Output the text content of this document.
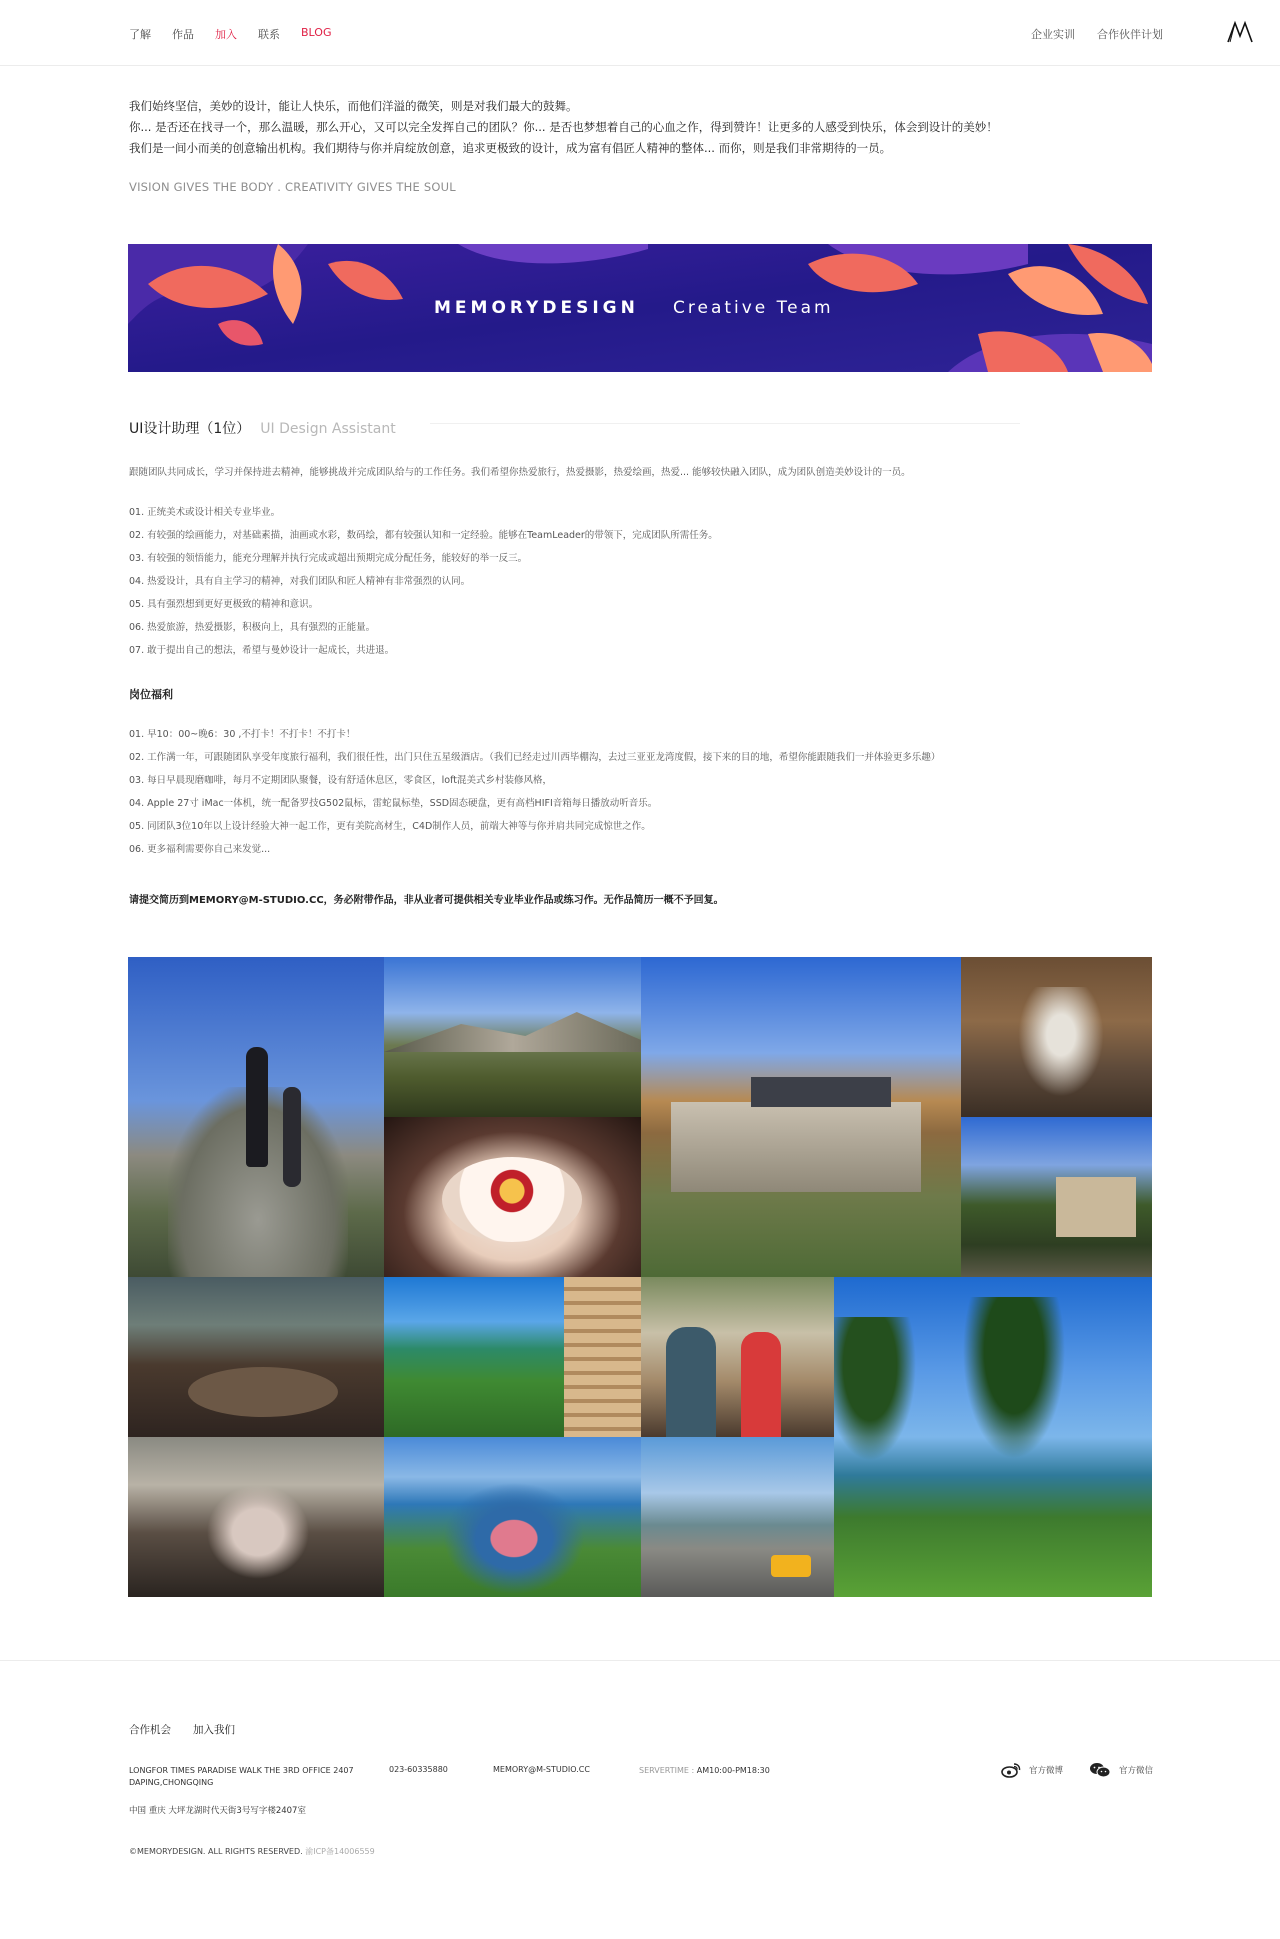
了解 作品 加入 联系 BLOG	企业实训 合作伙伴计划

我们始终坚信，美妙的设计，能让人快乐，而他们洋溢的微笑，则是对我们最大的鼓舞。

你... 是否还在找寻一个，那么温暖，那么开心，又可以完全发挥自己的团队？你... 是否也梦想着自己的心血之作，得到赞许！让更多的人感受到快乐，体会到设计的美妙！

我们是一间小而美的创意输出机构。我们期待与你并肩绽放创意，追求更极致的设计，成为富有倡匠人精神的整体... 而你，则是我们非常期待的一员。

VISION GIVES THE BODY . CREATIVITY GIVES THE SOUL
MEMORYDESIGN Creative Team
UI设计助理（1位） UI Design Assistant
跟随团队共同成长，学习并保持进去精神，能够挑战并完成团队给与的工作任务。我们希望你热爱旅行，热爱摄影，热爱绘画，热爱... 能够较快融入团队，成为团队创造美妙设计的一员。
01. 正统美术或设计相关专业毕业。
02. 有较强的绘画能力，对基础素描，油画或水彩，数码绘，都有较强认知和一定经验。能够在TeamLeader的带领下，完成团队所需任务。
03. 有较强的领悟能力，能充分理解并执行完成或超出预期完成分配任务，能较好的举一反三。
04. 热爱设计，具有自主学习的精神，对我们团队和匠人精神有非常强烈的认同。
05. 具有强烈想到更好更极致的精神和意识。
06. 热爱旅游，热爱摄影，积极向上，具有强烈的正能量。
07. 敢于提出自己的想法，希望与曼妙设计一起成长，共进退。
岗位福利
01. 早10：00~晚6：30 ,不打卡！不打卡！不打卡！
02. 工作满一年，可跟随团队享受年度旅行福利，我们很任性，出门只住五星级酒店。（我们已经走过川西毕棚沟，去过三亚亚龙湾度假，接下来的目的地，希望你能跟随我们一并体验更多乐趣）
03. 每日早晨现磨咖啡，每月不定期团队聚餐，设有舒适休息区，零食区，loft混美式乡村装修风格，
04. Apple 27寸 iMac一体机，统一配备罗技G502鼠标，雷蛇鼠标垫，SSD固态硬盘，更有高档HIFI音箱每日播放动听音乐。
05. 同团队3位10年以上设计经验大神一起工作，更有美院高材生，C4D制作人员，前端大神等与你并肩共同完成惊世之作。
06. 更多福利需要你自己来发觉...
请提交简历到MEMORY@M-STUDIO.CC，务必附带作品，非从业者可提供相关专业毕业作品或练习作。无作品简历一概不予回复。
合作机会 加入我们
LONGFOR TIMES PARADISE WALK THE 3RD OFFICE 2407 DAPING,CHONGQING
023-60335880	MEMORY@M-STUDIO.CC	SERVERTIME : AM10:00-PM18:30
中国 重庆 大坪龙湖时代天街3号写字楼2407室
©MEMORYDESIGN. ALL RIGHTS RESERVED. 渝ICP备14006559
官方微博	官方微信
